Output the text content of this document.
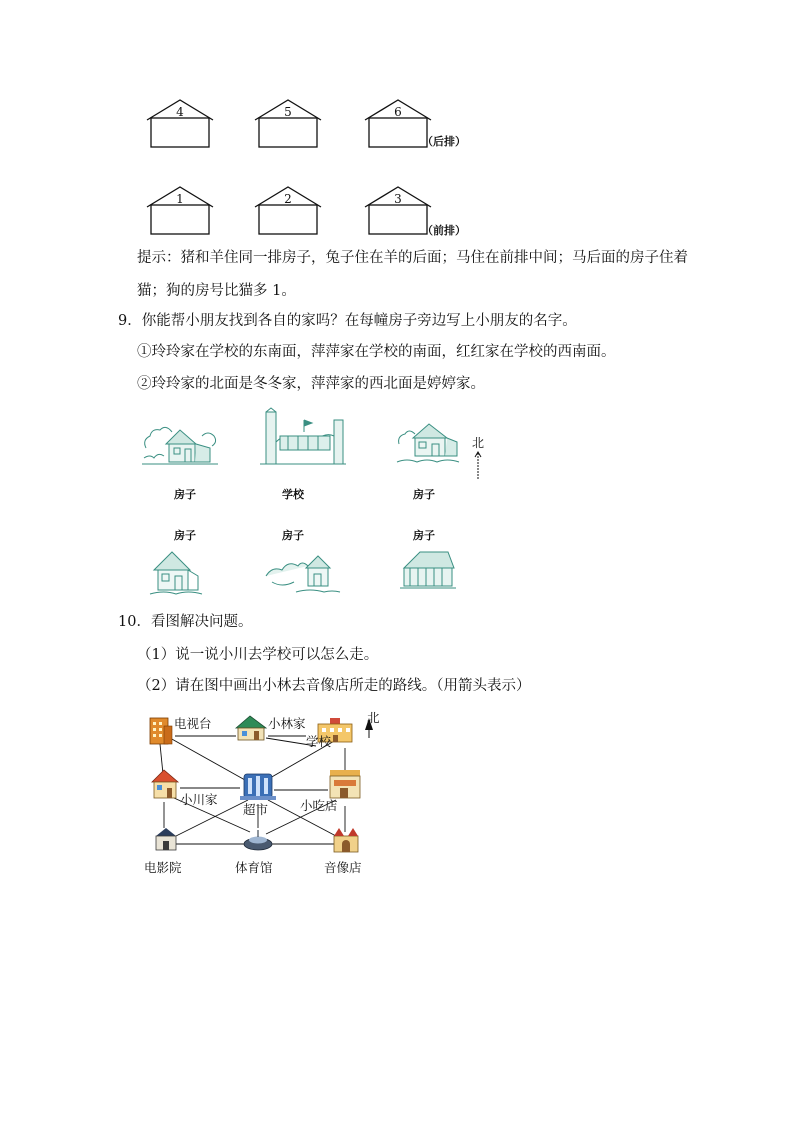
4	5	6
（后排）
1	2	3
（前排）
提示：猪和羊住同一排房子，兔子住在羊的后面；马住在前排中间；马后面的房子住着
猫；狗的房号比猫多 1。
9．你能帮小朋友找到各自的家吗？在每幢房子旁边写上小朋友的名字。
①玲玲家在学校的东南面，萍萍家在学校的南面，红红家在学校的西南面。
②玲玲家的北面是冬冬家，萍萍家的西北面是婷婷家。
北
房子	学校	房子
房子	房子	房子
10．看图解决问题。
（1）说一说小川去学校可以怎么走。
（2）请在图中画出小林去音像店所走的路线。（用箭头表示）
电视台	小林家	北
学校
小川家
超市	小吃店
电影院	体育馆	音像店
